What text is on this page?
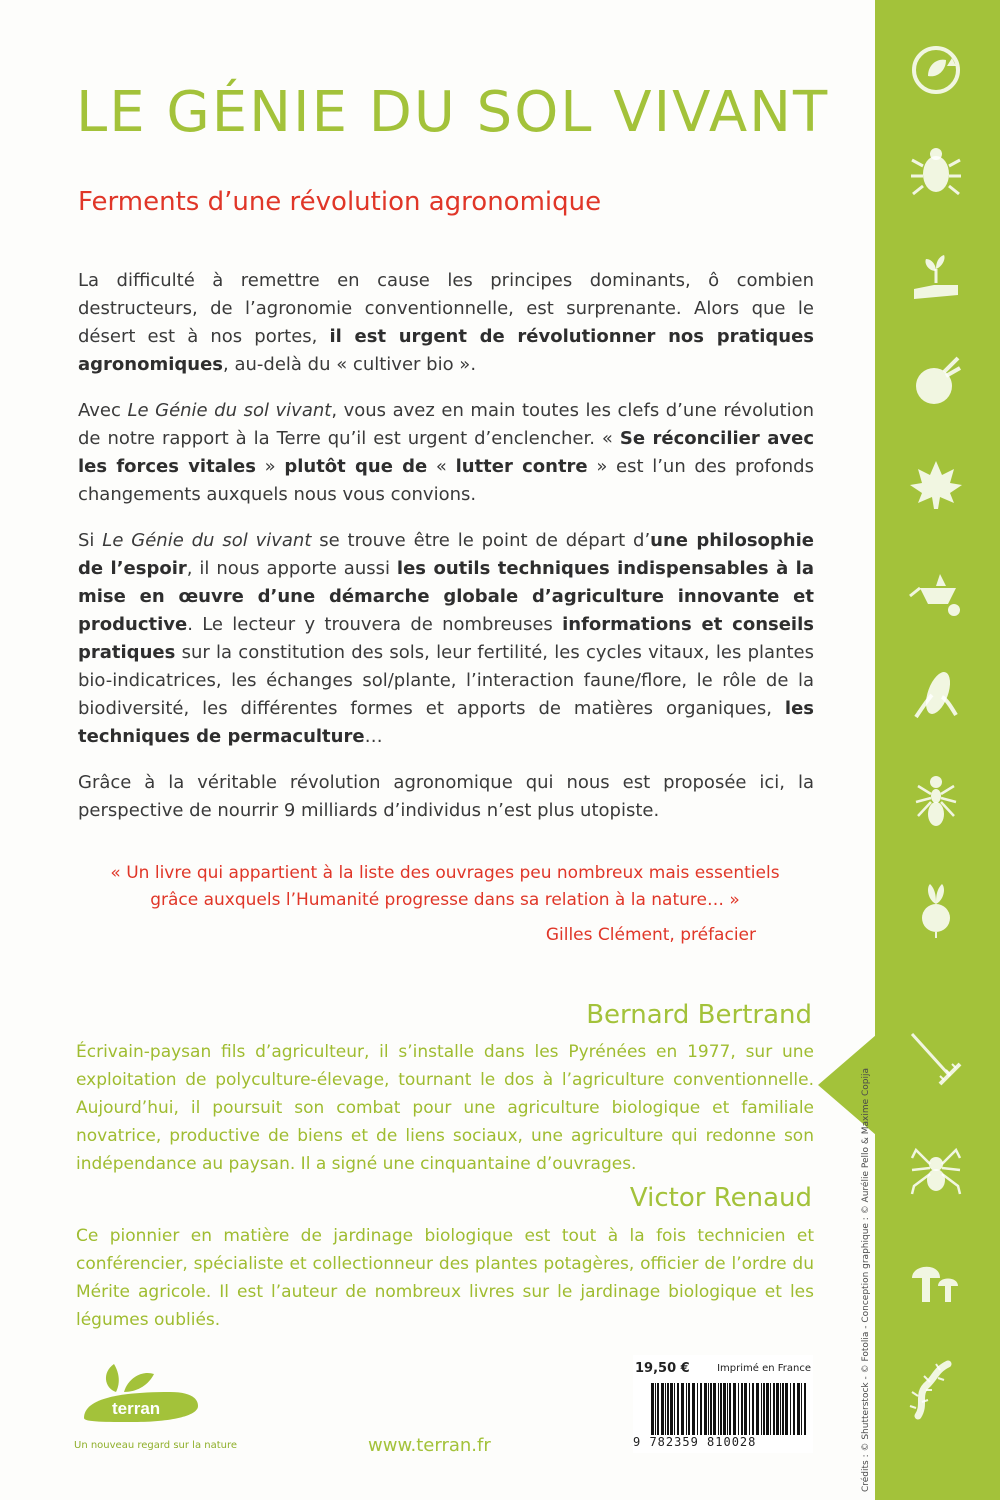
Crédits : © Shutterstock - © Fotolia - Conception graphique : © Aurélie Pello & Maxime Copija
LE GÉNIE DU SOL VIVANT
Ferments d’une révolution agronomique

La difficulté à remettre en cause les principes dominants, ô combien destructeurs, de l’agronomie conventionnelle, est surprenante. Alors que le désert est à nos portes, il est urgent de révolutionner nos pratiques agronomiques, au-delà du « cultiver bio ».

Avec Le Génie du sol vivant, vous avez en main toutes les clefs d’une révolution de notre rapport à la Terre qu’il est urgent d’enclencher. « Se réconcilier avec les forces vitales » plutôt que de « lutter contre » est l’un des profonds changements auxquels nous vous convions.

Si Le Génie du sol vivant se trouve être le point de départ d’une philosophie de l’espoir, il nous apporte aussi les outils techniques indispensables à la mise en œuvre d’une démarche globale d’agriculture innovante et productive. Le lecteur y trouvera de nombreuses informations et conseils pratiques sur la constitution des sols, leur fertilité, les cycles vitaux, les plantes bio-indicatrices, les échanges sol/plante, l’interaction faune/flore, le rôle de la biodiversité, les différentes formes et apports de matières organiques, les techniques de permaculture…

Grâce à la véritable révolution agronomique qui nous est proposée ici, la perspective de nourrir 9 milliards d’individus n’est plus utopiste.

« Un livre qui appartient à la liste des ouvrages peu nombreux mais essentiels
grâce auxquels l’Humanité progresse dans sa relation à la nature… »
Gilles Clément, préfacier
Bernard Bertrand
Écrivain-paysan fils d’agriculteur, il s’installe dans les Pyrénées en 1977, sur une exploitation de polyculture-élevage, tournant le dos à l’agriculture conventionnelle. Aujourd’hui, il poursuit son combat pour une agriculture biologique et familiale novatrice, productive de biens et de liens sociaux, une agriculture qui redonne son indépendance au paysan. Il a signé une cinquantaine d’ouvrages.
Victor Renaud
Ce pionnier en matière de jardinage biologique est tout à la fois technicien et conférencier, spécialiste et collectionneur des plantes potagères, officier de l’ordre du Mérite agricole. Il est l’auteur de nombreux livres sur le jardinage biologique et les légumes oubliés.
terran
Un nouveau regard sur la nature	www.terran.fr
19,50 €	Imprimé en France
9 782359 810028
